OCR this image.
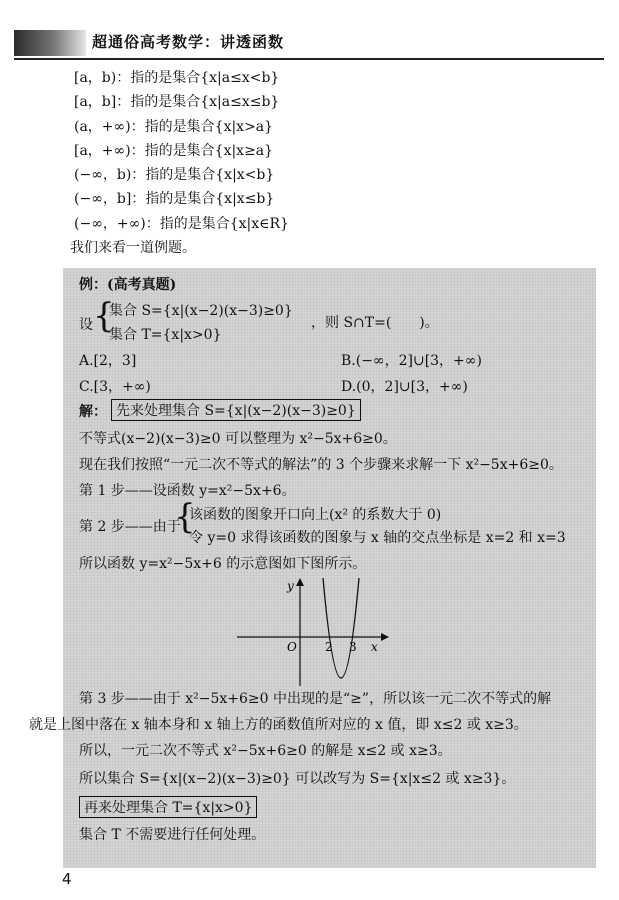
超通俗高考数学：讲透函数
[a，b)：指的是集合{x|a≤x<b}
[a，b]：指的是集合{x|a≤x≤b}
(a，+∞)：指的是集合{x|x>a}
[a，+∞)：指的是集合{x|x≥a}
(−∞，b)：指的是集合{x|x<b}
(−∞，b]：指的是集合{x|x≤b}
(−∞，+∞)：指的是集合{x|x∈R}
我们来看一道例题。
例：(高考真题)
设 {
集合 S={x|(x−2)(x−3)≥0}
集合 T={x|x>0}
，则 S∩T=(　　)。
A.[2，3]	B.(−∞，2]∪[3，+∞)
C.[3，+∞)	D.(0，2]∪[3，+∞)
解： 先来处理集合 S={x|(x−2)(x−3)≥0}
不等式(x−2)(x−3)≥0 可以整理为 x²−5x+6≥0。
现在我们按照“一元二次不等式的解法”的 3 个步骤来求解一下 x²−5x+6≥0。
第 1 步——设函数 y=x²−5x+6。
第 2 步——由于
{
该函数的图象开口向上(x² 的系数大于 0)
令 y=0 求得该函数的图象与 x 轴的交点坐标是 x=2 和 x=3
所以函数 y=x²−5x+6 的示意图如下图所示。
y
x
O 2 3
第 3 步——由于 x²−5x+6≥0 中出现的是“≥”，所以该一元二次不等式的解
就是上图中落在 x 轴本身和 x 轴上方的函数值所对应的 x 值，即 x≤2 或 x≥3。
所以，一元二次不等式 x²−5x+6≥0 的解是 x≤2 或 x≥3。
所以集合 S={x|(x−2)(x−3)≥0} 可以改写为 S={x|x≤2 或 x≥3}。
再来处理集合 T={x|x>0}
集合 T 不需要进行任何处理。
4
